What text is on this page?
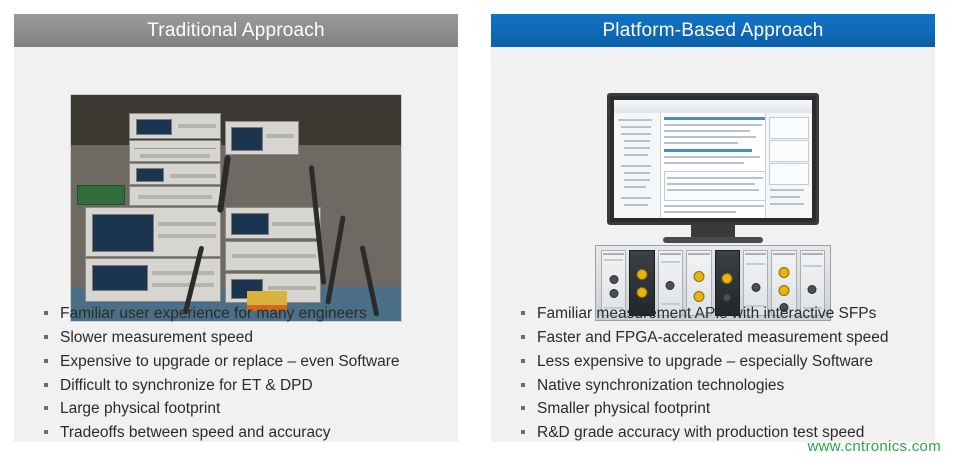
Traditional Approach
Familiar user experience for many engineers
Slower measurement speed
Expensive to upgrade or replace – even Software
Difficult to synchronize for ET & DPD
Large physical footprint
Tradeoffs between speed and accuracy
Platform-Based Approach
Familiar measurement APIs with interactive SFPs
Faster and FPGA-accelerated measurement speed
Less expensive to upgrade – especially Software
Native synchronization technologies
Smaller physical footprint
R&D grade accuracy with production test speed
www.cntronics.com
